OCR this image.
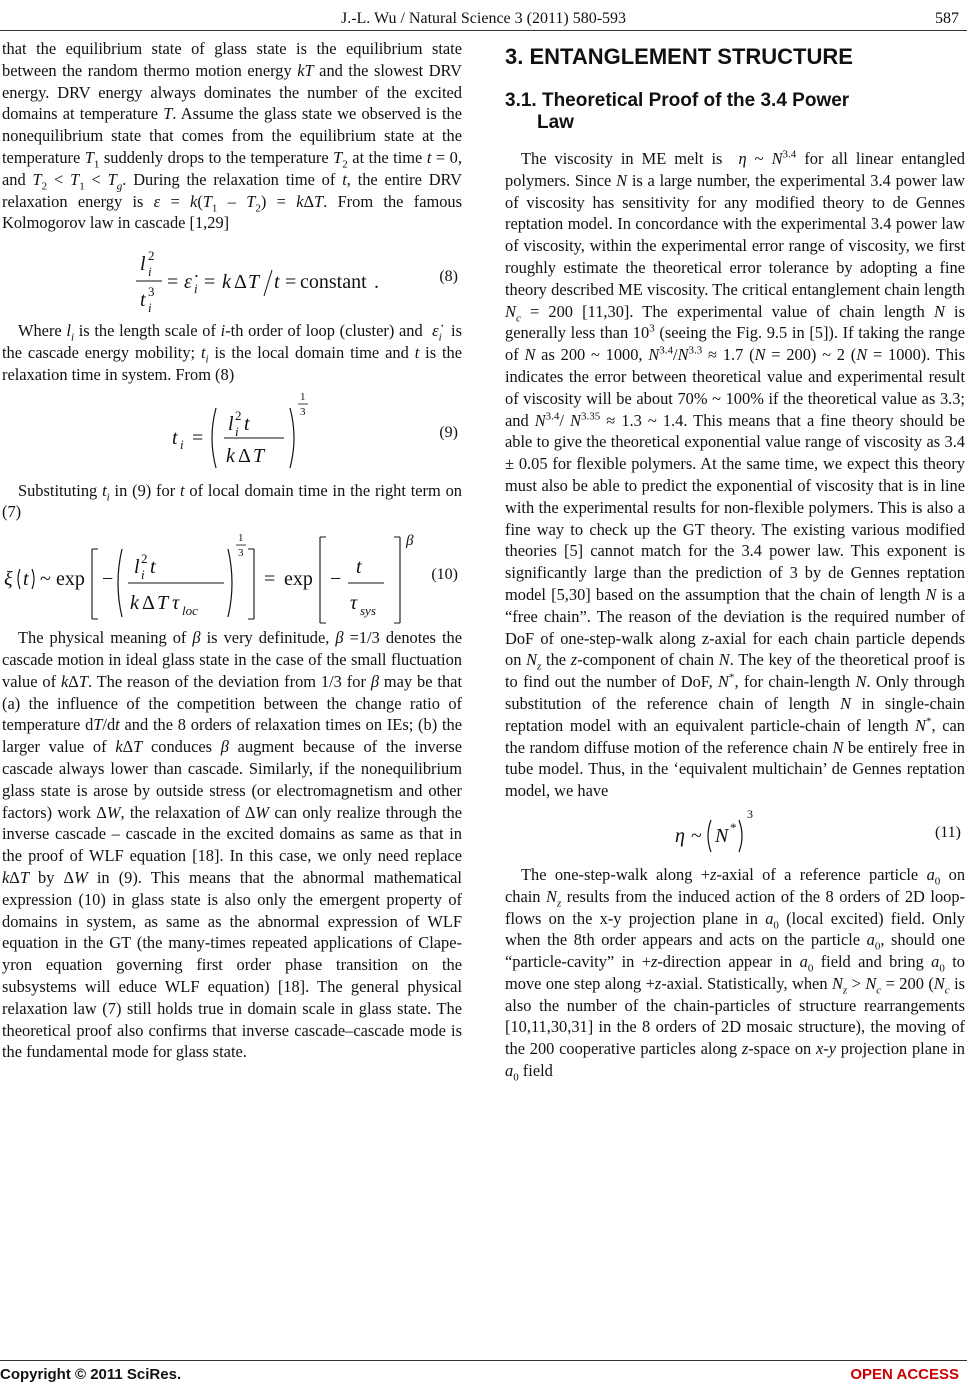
J.-L. Wu / Natural Science 3 (2011) 580-593	587

that the equilibrium state of glass state is the equilibrium state between the random thermo motion energy kT and the slowest DRV energy. DRV energy always dominates the number of the excited domains at temperature T. Assume the glass state we observed is the nonequilibrium state that comes from the equilibrium state at the temperature $T_1$ suddenly drops to the temperature $T_2$ at the time t = 0, and $T_2 < T_1 < T_g$. During the relaxation time of t, the entire DRV relaxation energy is $\varepsilon = k(T_1 - T_2) = k\Delta T$. From the famous Kolmogorov law in cascade [1,29]

l 2
i
t 3
i
= ε̇ i = k Δ T t = constant .	(8)

Where $l_i$ is the length scale of i-th order of loop (cluster) and  $\varepsiloṅ_i$  is the cascade energy mobility; $t_i$ is the local domain time and t is the relaxation time in system. From (8)

t i =
l 2
i t
k Δ T
1
3
(9)

Substituting $t_i$ in (9) for t of local domain time in the right term on (7)

ξ t ~ exp −
l 2
i t
k Δ T τ loc
1
3
= exp −
t
τ sys
β
(10)

The physical meaning of β is very definitude, β =1/3 denotes the cascade motion in ideal glass state in the case of the small fluctuation value of kΔT. The reason of the deviation from 1/3 for β may be that (a) the influence of the competition between the change ratio of temperature dT/dt and the 8 orders of relaxation times on IEs; (b) the larger value of kΔT conduces β augment because of the inverse cascade always lower than cascade. Similarly, if the nonequilibrium glass state is arose by outside stress (or electromagnetism and other factors) work ΔW, the relaxation of ΔW can only realize through the inverse cascade – cascade in the excited domains as same as that in the proof of WLF equation [18]. In this case, we only need replace kΔT by ΔW in (9). This means that the abnormal mathematical expression (10) in glass state is also only the emergent property of domains in system, as same as the abnormal expression of WLF equation in the GT (the many-times repeated applications of Clapeyron equation governing first order phase transition on the subsystems will educe WLF equation) [18]. The general physical relaxation law (7) still holds true in domain scale in glass state. The theoretical proof also confirms that inverse cascade–cascade mode is the fundamental mode for glass state.

3. ENTANGLEMENT STRUCTURE
3.1. Theoretical Proof of the 3.4 Power
Law

The viscosity in ME melt is  η ~ $N^{3.4}$ for all linear entangled polymers. Since N is a large number, the experimental 3.4 power law of viscosity has sensitivity for any modified theory to de Gennes reptation model. In concordance with the experimental 3.4 power law of viscosity, within the experimental error range of viscosity, we first roughly estimate the theoretical error tolerance by adopting a fine theory described ME viscosity. The critical entanglement chain length $N_c = 200$ [11,30]. The experimental value of chain length N is generally less than $10^3$ (seeing the Fig. 9.5 in [5]). If taking the range of N as 200 ~ 1000, $N^{3.4}/N^{3.3} \approx 1.7$ (N = 200) ~ 2 (N = 1000). This indicates the error between theoretical value and experimental result of viscosity will be about 70% ~ 100% if the theoretical value as 3.3; and $N^{3.4}/$ $N^{3.35} \approx 1.3$ ~ 1.4. This means that a fine theory should be able to give the theoretical exponential value range of viscosity as 3.4 ± 0.05 for flexible polymers. At the same time, we expect this theory must also be able to predict the exponential of viscosity that is in line with the experimental results for non-flexible polymers. This is also a fine way to check up the GT theory. The existing various modified theories [5] cannot match for the 3.4 power law. This exponent is significantly large than the prediction of 3 by de Gennes reptation model [5,30] based on the assumption that the chain of length N is a “free chain”. The reason of the deviation is the required number of DoF of one-step-walk along z-axial for each chain particle depends on $N_z$ the z-component of chain N. The key of the theoretical proof is to find out the number of DoF, N*, for chain-length N. Only through substitution of the reference chain of length N in single-chain reptation model with an equivalent particle-chain of length N*, can the random diffuse motion of the reference chain N be entirely free in tube model. Thus, in the ‘equivalent multichain’ de Gennes reptation model, we have

η ~ N *
3
(11)

The one-step-walk along +z-axial of a reference particle $a_0$ on chain $N_z$ results from the induced action of the 8 orders of 2D loop-flows on the x-y projection plane in $a_0$ (local excited) field. Only when the 8th order appears and acts on the particle $a_0$, should one “particle-cavity” in +z-direction appear in $a_0$ field and bring $a_0$ to move one step along +z-axial. Statistically, when $N_z > N_c = 200$ ($N_c$ is also the number of the chain-particles of structure rearrangements [10,11,30,31] in the 8 orders of 2D mosaic structure), the moving of the 200 cooperative particles along z-space on x-y projection plane in $a_0$ field

Copyright © 2011 SciRes.	OPEN ACCESS
